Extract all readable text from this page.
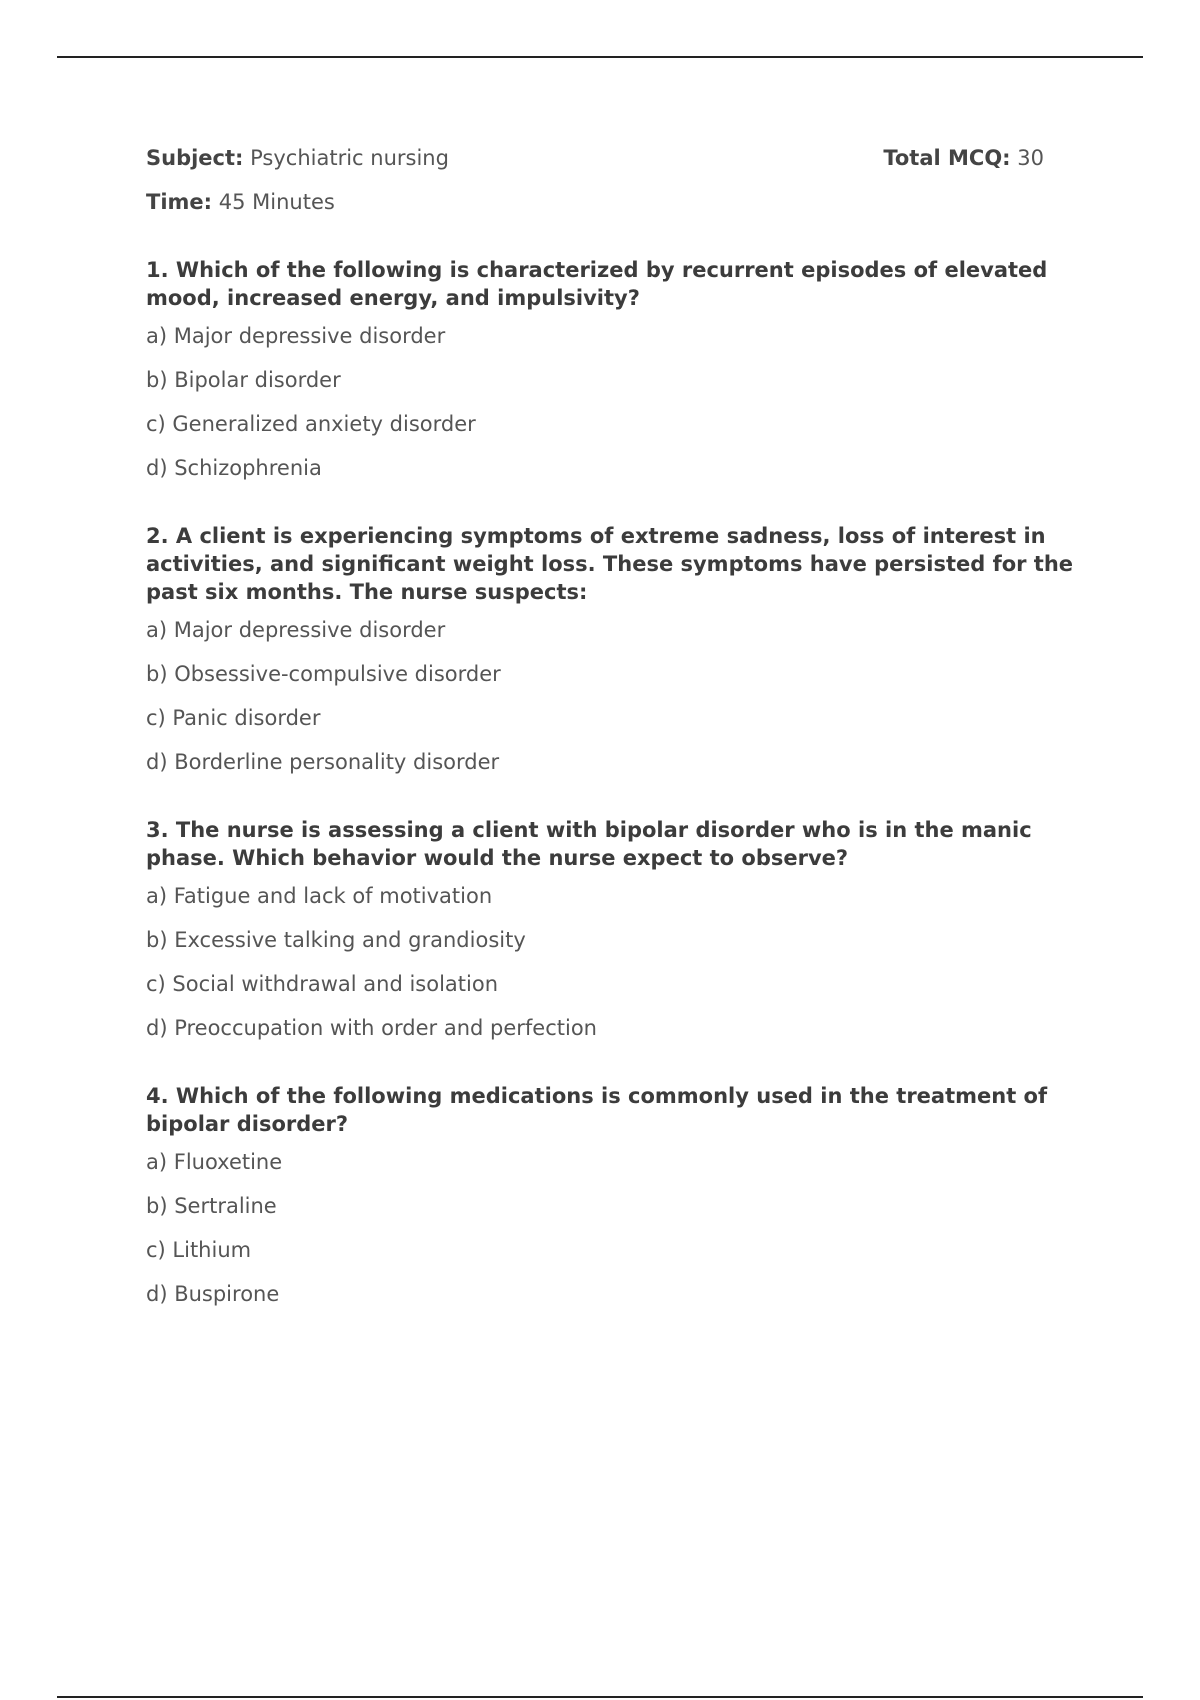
Subject: Psychiatric nursing	Total MCQ: 30
Time: 45 Minutes

1. Which of the following is characterized by recurrent episodes of elevated mood, increased energy, and impulsivity?

a) Major depressive disorder
b) Bipolar disorder
c) Generalized anxiety disorder
d) Schizophrenia

2. A client is experiencing symptoms of extreme sadness, loss of interest in activities, and significant weight loss. These symptoms have persisted for the past six months. The nurse suspects:

a) Major depressive disorder
b) Obsessive-compulsive disorder
c) Panic disorder
d) Borderline personality disorder

3. The nurse is assessing a client with bipolar disorder who is in the manic phase. Which behavior would the nurse expect to observe?

a) Fatigue and lack of motivation
b) Excessive talking and grandiosity
c) Social withdrawal and isolation
d) Preoccupation with order and perfection

4. Which of the following medications is commonly used in the treatment of bipolar disorder?

a) Fluoxetine
b) Sertraline
c) Lithium
d) Buspirone
